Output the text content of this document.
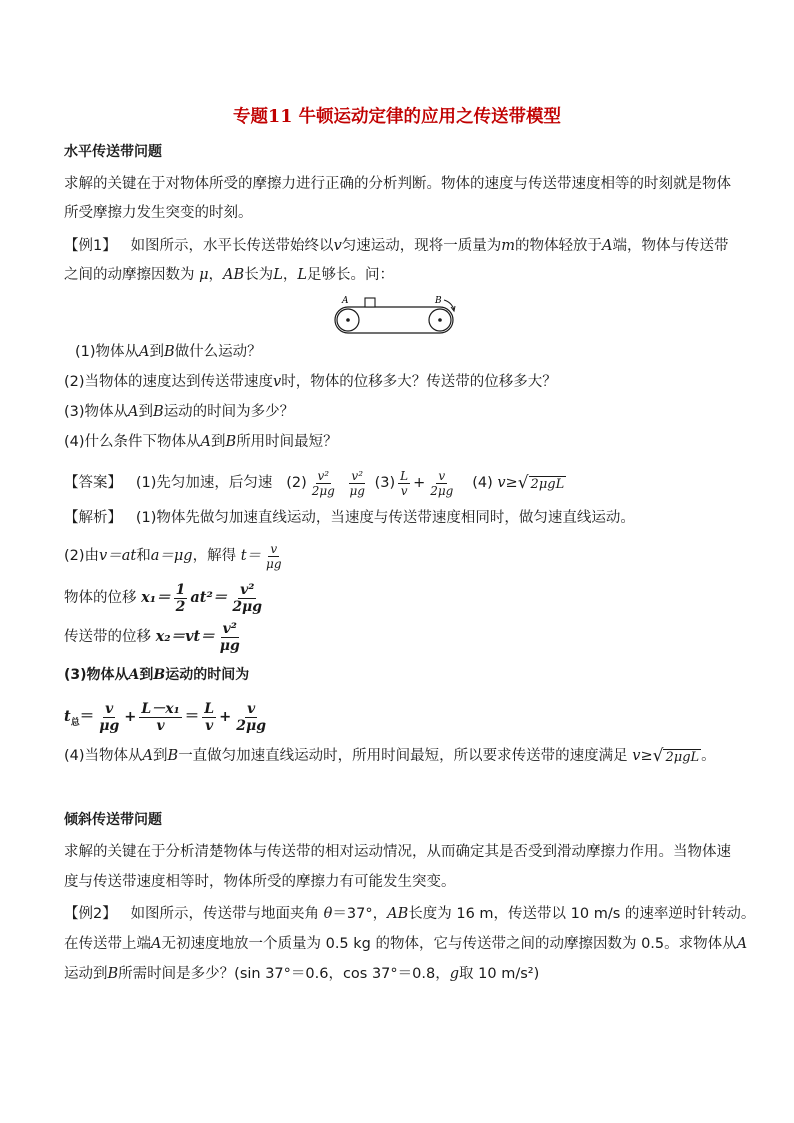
专题11 牛顿运动定律的应用之传送带模型
水平传送带问题
求解的关键在于对物体所受的摩擦力进行正确的分析判断。物体的速度与传送带速度相等的时刻就是物体
所受摩擦力发生突变的时刻。
【例1】 如图所示，水平长传送带始终以v匀速运动，现将一质量为m的物体轻放于A端，物体与传送带
之间的动摩擦因数为 μ，AB长为L，L足够长。问：
A	B
(1)物体从A到B做什么运动？
(2)当物体的速度达到传送带速度v时，物体的位移多大？传送带的位移多大？
(3)物体从A到B运动的时间为多少？
(4)什么条件下物体从A到B所用时间最短？
【答案】 (1)先匀加速，后匀速 $(2) \frac{\text{v²}}{2\mu g}$
$\frac{\text{v²}}{\mu g} (3) \frac{L}{v} + \frac{v}{2\mu g} (4)$ v≥ √ 2μgL
【解析】 (1)物体先做匀加速直线运动，当速度与传送带速度相同时，做匀速直线运动。
(2)由v＝at和a＝μg，解得 $t= \frac{v}{\mu g}$
物体的位移 $x_1= \frac{1}{2} at^2= \frac{\text{v²}}{2\mu g}$
传送带的位移 $x_2=vt= \frac{\text{v²}}{\mu g}$
(3)物体从A到B运动的时间为
$t_总= \frac{v}{\mu g} + \frac{\text{L－x₁}}{v} = \frac{L}{v} + \frac{v}{2\mu g}$
(4)当物体从A到B一直做匀加速直线运动时，所用时间最短，所以要求传送带的速度满足 v≥ √ 2μgL 。
倾斜传送带问题
求解的关键在于分析清楚物体与传送带的相对运动情况，从而确定其是否受到滑动摩擦力作用。当物体速
度与传送带速度相等时，物体所受的摩擦力有可能发生突变。
【例2】 如图所示，传送带与地面夹角 θ＝37°，AB长度为 16 m，传送带以 10 m/s 的速率逆时针转动。
在传送带上端A无初速度地放一个质量为 0.5 kg 的物体，它与传送带之间的动摩擦因数为 0.5。求物体从A
运动到B所需时间是多少？(sin 37°＝0.6，cos 37°＝0.8，g取 10 m/s²)
